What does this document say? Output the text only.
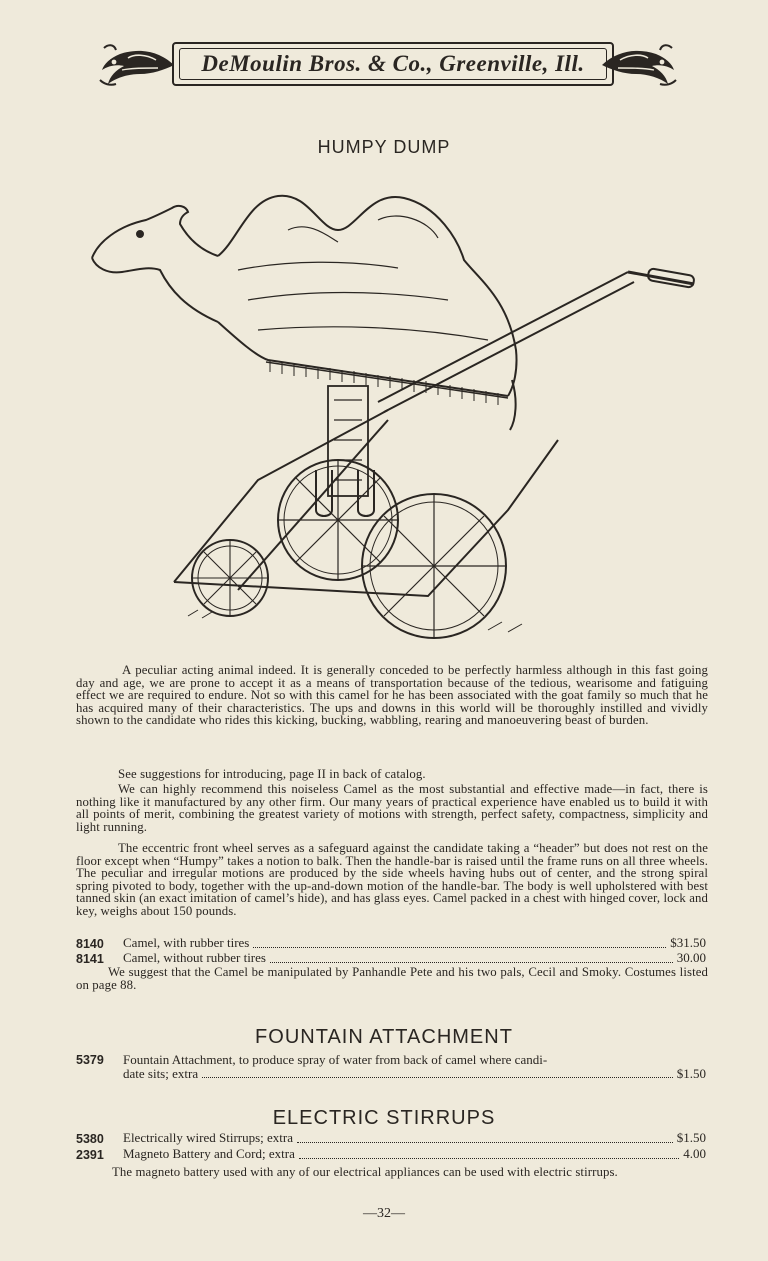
DeMoulin Bros. & Co., Greenville, Ill.
HUMPY DUMP
A peculiar acting animal indeed. It is generally conceded to be perfectly harmless although in this fast going day and age, we are prone to accept it as a means of transportation because of the tedious, wearisome and fatiguing effect we are required to endure. Not so with this camel for he has been associated with the goat family so much that he has acquired many of their characteristics. The ups and downs in this world will be thoroughly instilled and vividly shown to the candidate who rides this kicking, bucking, wabbling, rearing and manoeuvering beast of burden.
See suggestions for introducing, page II in back of catalog.
We can highly recommend this noiseless Camel as the most substantial and effective made—in fact, there is nothing like it manufactured by any other firm. Our many years of practical experience have enabled us to build it with all points of merit, combining the greatest variety of motions with strength, perfect safety, compactness, simplicity and light running.
The eccentric front wheel serves as a safeguard against the candidate taking a “header” but does not rest on the floor except when “Humpy” takes a notion to balk. Then the handle-bar is raised until the frame runs on all three wheels. The peculiar and irregular motions are produced by the side wheels having hubs out of center, and the strong spiral spring pivoted to body, together with the up-and-down motion of the handle-bar. The body is well upholstered with best tanned skin (an exact imitation of camel’s hide), and has glass eyes. Camel packed in a chest with hinged cover, lock and key, weighs about 150 pounds.
8140	Camel, with rubber tires	$31.50
8141	Camel, without rubber tires	30.00
We suggest that the Camel be manipulated by Panhandle Pete and his two pals, Cecil and Smoky. Costumes listed on page 88.
FOUNTAIN ATTACHMENT
5379	Fountain Attachment, to produce spray of water from back of camel where candi-
date sits; extra	$1.50
ELECTRIC STIRRUPS
5380	Electrically wired Stirrups; extra	$1.50
2391	Magneto Battery and Cord; extra	4.00
The magneto battery used with any of our electrical appliances can be used with electric stirrups.
—32—
